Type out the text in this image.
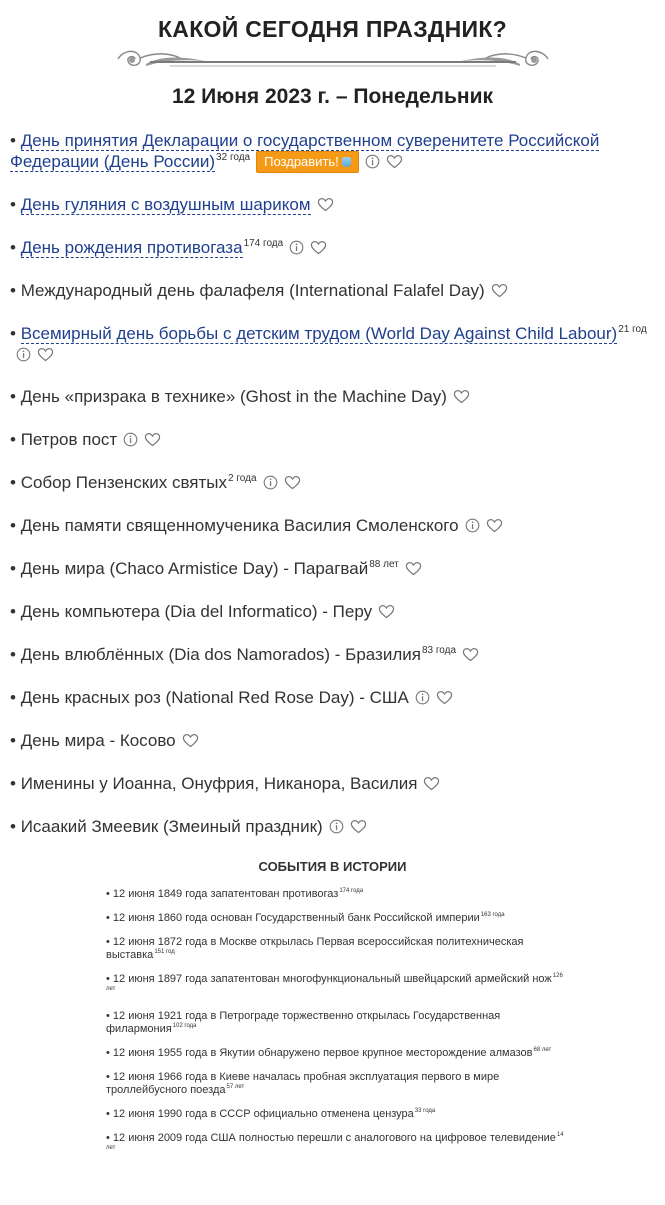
КАКОЙ СЕГОДНЯ ПРАЗДНИК?
12 Июня 2023 г. – Понедельник
• День принятия Декларации о государственном суверенитете Российской Федерации (День России)$^{32 года}$ Поздравить!
• День гуляния с воздушным шариком
• День рождения противогаза$^{174 года}$
• Международный день фалафеля (International Falafel Day)
• Всемирный день борьбы с детским трудом (World Day Against Child Labour)$^{21 год}$
• День «призрака в технике» (Ghost in the Machine Day)
• Петров пост
• Собор Пензенских святых$^{2 года}$
• День памяти священномученика Василия Смоленского
• День мира (Chaco Armistice Day) - Парагвай$^{88 лет}$
• День компьютера (Dia del Informatico) - Перу
• День влюблённых (Dia dos Namorados) - Бразилия$^{83 года}$
• День красных роз (National Red Rose Day) - США
• День мира - Косово
• Именины у Иоанна, Онуфрия, Никанора, Василия
• Исаакий Змеевик (Змеиный праздник)
СОБЫТИЯ В ИСТОРИИ
• 12 июня 1849 года запатентован противогаз$^{174 года}$
• 12 июня 1860 года основан Государственный банк Российской империи$^{163 года}$
• 12 июня 1872 года в Москве открылась Первая всероссийская политехническая выставка$^{151 год}$
• 12 июня 1897 года запатентован многофункциональный швейцарский армейский нож$^{126 лет}$
• 12 июня 1921 года в Петрограде торжественно открылась Государственная филармония$^{102 года}$
• 12 июня 1955 года в Якутии обнаружено первое крупное месторождение алмазов$^{68 лет}$
• 12 июня 1966 года в Киеве началась пробная эксплуатация первого в мире троллейбусного поезда$^{57 лет}$
• 12 июня 1990 года в СССР официально отменена цензура$^{33 года}$
• 12 июня 2009 года США полностью перешли с аналогового на цифровое телевидение$^{14 лет}$
